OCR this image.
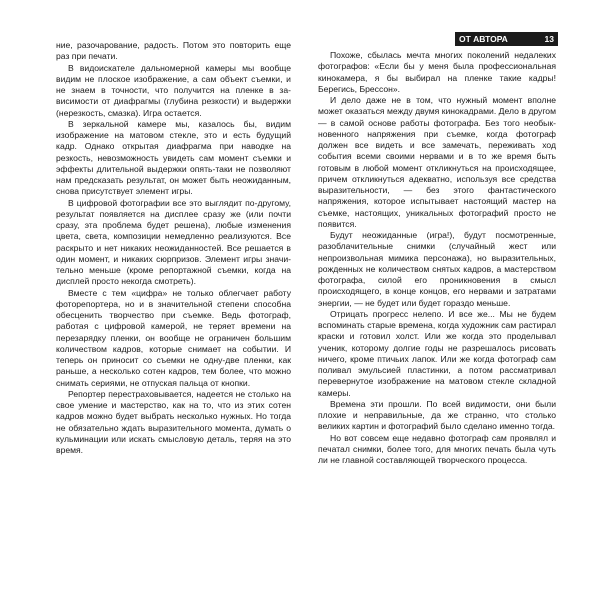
ОТ АВТОРА	13

ние, разочарование, радость. Потом это повторить еще раз при печати.

В видоискателе дальномерной камеры мы вообще видим не плоское изображение, а сам объект съемки, и не знаем в точности, что получится на пленке в зависимости от диафрагмы (глубина резкости) и выдержки (нерезкость, смазка). Игра остается.

В зеркальной камере мы, казалось бы, видим изображение на матовом стекле, это и есть будущий кадр. Однако открытая диафрагма при наводке на резкость, невозможность увидеть сам момент съемки и эффекты длительной выдержки опять-таки не позволяют нам предсказать результат, он может быть неожиданным, снова присутствует элемент игры.

В цифровой фотографии все это выглядит по-другому, результат появляется на дисплее сразу же (или почти сразу, эта проблема будет решена), любые изменения цвета, света, композиции немедленно реализуются. Все раскрыто и нет никаких неожиданностей. Все решается в один момент, и никаких сюрпризов. Элемент игры значительно меньше (кроме репортажной съемки, когда на дисплей просто некогда смотреть).

Вместе с тем «цифра» не только облегчает работу фоторепортера, но и в значительной степени способна обесценить творчество при съемке. Ведь фотограф, работая с цифровой камерой, не теряет времени на перезарядку пленки, он вообще не ограничен большим количеством кадров, которые снимает на событии. И теперь он приносит со съемки не одну-две пленки, как раньше, а несколько сотен кадров, тем более, что можно снимать сериями, не отпуская пальца от кнопки.

Репортер перестраховывается, надеется не столько на свое умение и мастерство, как на то, что из этих сотен кадров можно будет выбрать несколько нужных. Но тогда не обязательно ждать выразительного момента, думать о кульминации или искать смысловую деталь, теряя на это время.

Похоже, сбылась мечта многих поколений недалеких фотографов: «Если бы у меня была профессиональная кинокамера, я бы выбирал на пленке такие кадры! Берегись, Брессон».

И дело даже не в том, что нужный момент вполне может оказаться между двумя кинокадрами. Дело в другом — в самой основе работы фотографа. Без того необыкновенного напряжения при съемке, когда фотограф должен все видеть и все замечать, переживать ход события всеми своими нервами и в то же время быть готовым в любой момент откликнуться на происходящее, причем откликнуться адекватно, используя все средства выразительности, — без этого фантастического напряжения, которое испытывает настоящий мастер на съемке, настоящих, уникальных фотографий просто не появится.

Будут неожиданные (игра!), будут посмотренные, разоблачительные снимки (случайный жест или непроизвольная мимика персонажа), но выразительных, рожденных не количеством снятых кадров, а мастерством фотографа, силой его проникновения в смысл происходящего, в конце концов, его нервами и затратами энергии, — не будет или будет гораздо меньше.

Отрицать прогресс нелепо. И все же... Мы не будем вспоминать старые времена, когда художник сам растирал краски и готовил холст. Или же когда это проделывал ученик, которому долгие годы не разрешалось рисовать ничего, кроме птичьих лапок. Или же когда фотограф сам поливал эмульсией пластинки, а потом рассматривал перевернутое изображение на матовом стекле складной камеры.

Времена эти прошли. По всей видимости, они были плохие и неправильные, да же странно, что столько великих картин и фотографий было сделано именно тогда.

Но вот совсем еще недавно фотограф сам проявлял и печатал снимки, более того, для многих печать была чуть ли не главной составляющей творческого процесса.
